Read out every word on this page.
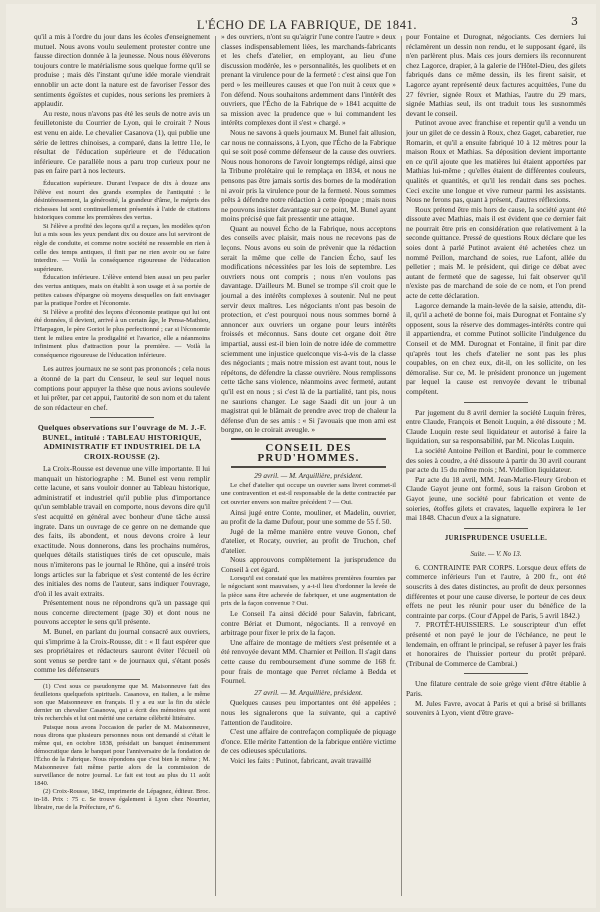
L'ÉCHO DE LA FABRIQUE, DE 1841.	3

qu'il a mis à l'ordre du jour dans les écoles d'enseignement mutuel. Nous avons voulu seulement protester contre une fausse direction donnée à la jeunesse. Nous nous élèverons toujours contre le matérialisme sous quelque forme qu'il se produise ; mais dès l'instant qu'une idée morale viendrait ennoblir un acte dont la nature est de favoriser l'essor des sentiments égoïstes et cupides, nous serions les premiers à applaudir.

Au reste, nous n'avons pas été les seuls de notre avis un feuilletoniste du Courrier de Lyon, qui le croirait ? Nous est venu en aide. Le chevalier Casanova (1), qui publie une série de lettres chinoises, a comparé, dans la lettre 11e, le résultat de l'éducation supérieure et de l'éducation inférieure. Ce parallèle nous a paru trop curieux pour ne pas en faire part à nos lecteurs.

Éducation supérieure. Durant l'espace de dix à douze ans l'élève est nourri des grands exemples de l'antiquité : le désintéressement, la générosité, la grandeur d'âme, le mépris des richesses lui sont continuellement présentés à l'aide de citations historiques comme les premières des vertus.

Si l'élève a profité des leçons qu'il a reçues, les modèles qu'on lui a mis sous les yeux pendant dix ou douze ans lui serviront de règle de conduite, et comme notre société ne ressemble en rien à celle des temps antiques, il finit par ne rien avoir ou se faire interdire. — Voilà la conséquence rigoureuse de l'éducation supérieure.

Éducation inférieure. L'élève entend bien aussi un peu parler des vertus antiques, mais on établit à son usage et à sa portée de petites caisses d'épargne où moyens desquelles on fait envisager par la pratique l'ordre et l'économie.

Si l'élève a profité des leçons d'économie pratique qui lui ont été données, il devient, arrivé à un certain âge, le Pensa-Mathieu, l'Harpagon, le père Goriot le plus perfectionné ; car si l'économie tient le milieu entre la prodigalité et l'avarice, elle a néanmoins infiniment plus d'attraction pour la première. — Voilà la conséquence rigoureuse de l'éducation inférieure.

Les autres journaux ne se sont pas prononcés ; cela nous a étonné de la part du Censeur, le seul sur lequel nous comptions pour appuyer la thèse que nous avions soulevée et lui prêter, par cet appui, l'autorité de son nom et du talent de son rédacteur en chef.

Quelques observations sur l'ouvrage de M. J.-F. BUNEL, intitulé : TABLEAU HISTORIQUE, ADMINISTRATIF ET INDUSTRIEL DE LA CROIX-ROUSSE (2).

La Croix-Rousse est devenue une ville importante. Il lui manquait un historiographe : M. Bunel est venu remplir cette lacune, et sans vouloir donner au Tableau historique, administratif et industriel qu'il publie plus d'importance qu'un semblable travail en comporte, nous devons dire qu'il s'est acquitté en général avec bonheur d'une tâche aussi ingrate. Dans un ouvrage de ce genre on ne demande que des faits, ils abondent, et nous devons croire à leur exactitude. Nous donnerons, dans les prochains numéros, quelques détails statistiques tirés de cet opuscule, mais nous n'imiterons pas le journal le Rhône, qui a inséré trois longs articles sur la fabrique et s'est contenté de les écrire des initiales des noms de l'auteur, sans indiquer l'ouvrage, d'où il les avait extraits.

Présentement nous ne répondrons qu'à un passage qui nous concerne directement (page 30) et dont nous ne pouvons accepter le sens qu'il présente.

M. Bunel, en parlant du journal consacré aux ouvriers, qui s'imprime à la Croix-Rousse, dit : « Il faut espérer que ses propriétaires et rédacteurs sauront éviter l'écueil où sont venus se perdre tant » de journaux qui, s'étant posés comme les défenseurs

(1) C'est sous ce pseudonyme que M. Maisonneuve fait des feuilletons quelquefois spirituels. Casanova, en italien, a le même son que Maisonneuve en français. Il y a eu sur la fin du siècle dernier un chevalier Casanova, qui a écrit des mémoires qui sont très recherchés et lui ont mérité une certaine célébrité littéraire.

Puisque nous avons l'occasion de parler de M. Maisonneuve, nous dirons que plusieurs personnes nous ont demandé si c'était le même qui, en octobre 1838, présidait un banquet éminemment démocratique dans le banquet pour l'anniversaire de la fondation de l'Écho de la Fabrique. Nous répondons que c'est bien le même ; M. Maisonneuve fait même partie alors de la commission de surveillance de notre journal. Le fait est tout au plus du 11 août 1840.

(2) Croix-Rousse, 1842, imprimerie de Lépagnez, éditeur. Broc. in-18. Prix : 75 c. Se trouve également à Lyon chez Nourrier, libraire, rue de la Préfecture, n° 6.

» des ouvriers, n'ont su qu'aigrir l'une contre l'autre » deux classes indispensablement liées, les marchands-fabricants et les chefs d'atelier, en employant, au lieu d'une discussion modérée, les » personnalités, les quolibets et en prenant la virulence pour de la fermeté : c'est ainsi que l'on perd » les meilleures causes et que l'on nuit à ceux que » l'on défend. Nous souhaitons ardemment dans l'intérêt des ouvriers, que l'Écho de la Fabrique de » 1841 acquitte de sa mission avec la prudence que » lui commandent les intérêts complexes dont il s'est » chargé. »

Nous ne savons à quels journaux M. Bunel fait allusion, car nous ne connaissons, à Lyon, que l'Écho de la Fabrique qui se soit posé comme défenseur de la cause des ouvriers. Nous nous honorons de l'avoir longtemps rédigé, ainsi que la Tribune prolétaire qui le remplaça en 1834, et nous ne pensons pas être jamais sortis des bornes de la modération ni avoir pris la virulence pour de la fermeté. Nous sommes prêts à défendre notre rédaction à cette époque ; mais nous ne pouvons insister davantage sur ce point, M. Bunel ayant moins précisé que fait pressentir une attaque.

Quant au nouvel Écho de la Fabrique, nous acceptons des conseils avec plaisir, mais nous ne recevons pas de leçons. Nous avons eu soin de prévenir que la rédaction serait la même que celle de l'ancien Écho, sauf les modifications nécessitées par les lois de septembre. Les ouvriers nous ont compris ; nous n'en voulons pas davantage. D'ailleurs M. Bunel se trompe s'il croit que le journal a des intérêts complexes à soutenir. Nul ne peut servir deux maîtres. Les négociants n'ont pas besoin de protection, et c'est pourquoi nous nous sommes borné à annoncer aux ouvriers un organe pour leurs intérêts froissés et méconnus. Sans doute cet organe doit être impartial, aussi est-il bien loin de notre idée de commettre sciemment une injustice quelconque vis-à-vis de la classe des négociants ; mais notre mission est avant tout, nous le répétons, de défendre la classe ouvrière. Nous remplissons cette tâche sans violence, néanmoins avec fermeté, autant qu'il est en nous ; si c'est là de la partialité, tant pis, nous ne saurions changer. Le sage Saadi dit un jour à un magistrat qui le blâmait de prendre avec trop de chaleur la défense d'un de ses amis : « Si j'avouais que mon ami est borgne, on le croirait aveugle. »

CONSEIL DES PRUD'HOMMES.

29 avril. — M. Arquillière, président.

Le chef d'atelier qui occupe un ouvrier sans livret commet-il une contravention et est-il responsable de la dette contractée par cet ouvrier envers son maître précédent ? — Oui.

Ainsi jugé entre Conte, mouliner, et Madelin, ouvrier, au profit de la dame Dufour, pour une somme de 55 f. 50.

Jugé de la même manière entre veuve Gonon, chef d'atelier, et Rocaty, ouvrier, au profit de Truchon, chef d'atelier.

Nous approuvons complètement la jurisprudence du Conseil à cet égard.

Lorsqu'il est constaté que les matières premières fournies par le négociant sont mauvaises, y a-t-il lieu d'ordonner la levée de la pièce sans être achevée de fabriquer, et une augmentation de prix de la façon convenue ? Oui.

Le Conseil l'a ainsi décidé pour Salavin, fabricant, contre Bériat et Dumont, négociants. Il a renvoyé en arbitrage pour fixer le prix de la façon.

Une affaire de montage de métiers s'est présentée et a été renvoyée devant MM. Charnier et Peillon. Il s'agit dans cette cause du remboursement d'une somme de 168 fr. pour frais de montage que Perret réclame à Bedda et Fournel.

27 avril. — M. Arquillière, président.

Quelques causes peu importantes ont été appelées ; nous les signalerons que la suivante, qui a captivé l'attention de l'auditoire.

C'est une affaire de contrefaçon compliquée de piquage d'once. Elle mérite l'attention de la fabrique entière victime de ces odieuses spéculations.

Voici les faits : Putinot, fabricant, avait travaillé

pour Fontaine et Durognat, négociants. Ces derniers lui réclamèrent un dessin non rendu, et le supposant égaré, ils n'en parlèrent plus. Mais ces jours derniers ils reconnurent chez Lagorce, drapier, à la galerie de l'Hôtel-Dieu, des gilets fabriqués dans ce même dessin, ils les firent saisir, et Lagorce ayant représenté deux factures acquittées, l'une du 27 février, signée Roux et Mathias, l'autre du 29 mars, signée Mathias seul, ils ont traduit tous les susnommés devant le conseil.

Putinot avoue avec franchise et repentir qu'il a vendu un jour un gilet de ce dessin à Roux, chez Gaget, cabaretier, rue Romarin, et qu'il a ensuite fabriqué 10 à 12 mètres pour la maison Roux et Mathias. Sa déposition devient importante en ce qu'il ajoute que les matières lui étaient apportées par Mathias lui-même ; qu'elles étaient de différentes couleurs, qualités et quantités, et qu'il les rendait dans ses poches. Ceci excite une longue et vive rumeur parmi les assistants. Nous ne ferons pas, quant à présent, d'autres réflexions.

Roux prétend être mis hors de cause, la société ayant été dissoute avec Mathias, mais il est évident que ce dernier fait ne pourrait être pris en considération que relativement à la seconde quittance. Pressé de questions Roux déclare que les soies dont à parlé Putinot avaient été achetées chez un nommé Peillon, marchand de soies, rue Lafont, allée du pelletier ; mais M. le président, qui dirige ce débat avec autant de fermeté que de sagesse, lui fait observer qu'il n'existe pas de marchand de soie de ce nom, et l'on prend acte de cette déclaration.

Lagorce demande la main-levée de la saisie, attendu, dit-il, qu'il a acheté de bonne foi, mais Durognat et Fontaine s'y opposent, sous la réserve des dommages-intérêts contre qui il appartiendra, et comme Putinot sollicite l'indulgence du Conseil et de MM. Durognat et Fontaine, il finit par dire qu'après tout les chefs d'atelier ne sont pas les plus coupables, on en chez eux, dit-il, on les sollicite, on les démoralise. Sur ce, M. le président prononce un jugement par lequel la cause est renvoyée devant le tribunal compétent.

Par jugement du 8 avril dernier la société Luquin frères, entre Claude, François et Benoit Luquin, a été dissoute ; M. Claude Luquin reste seul liquidateur et autorisé à faire la liquidation, sur sa responsabilité, par M. Nicolas Luquin.

La société Antoine Peillon et Bardini, pour le commerce des soies à coudre, a été dissoute à partir du 30 avril courant par acte du 15 du même mois ; M. Videllion liquidateur.

Par acte du 18 avril, MM. Jean-Marie-Fleury Grobon et Claude Gayot jeune ont formé, sous la raison Grobon et Gayot jeune, une société pour fabrication et vente de soieries, étoffes gilets et cravates, laquelle expirera le 1er mai 1848. Chacun d'eux a la signature.

JURISPRUDENCE USUELLE.

Suite. — V. No 13.

6. CONTRAINTE PAR CORPS. Lorsque deux effets de commerce inférieurs l'un et l'autre, à 200 fr., ont été souscrits à des dates distinctes, au profit de deux personnes différentes et pour une cause diverse, le porteur de ces deux effets ne peut les réunir pour user du bénéfice de la contrainte par corps. (Cour d'Appel de Paris, 5 avril 1842.)

7. PROTÊT-HUISSIERS. Le souscripteur d'un effet présenté et non payé le jour de l'échéance, ne peut le lendemain, en offrant le principal, se refuser à payer les frais et honoraires de l'huissier porteur du protêt préparé. (Tribunal de Commerce de Cambrai.)

Une filature centrale de soie grège vient d'être établie à Paris.

M. Jules Favre, avocat à Paris et qui a brisé si brillants souvenirs à Lyon, vient d'être grave-
